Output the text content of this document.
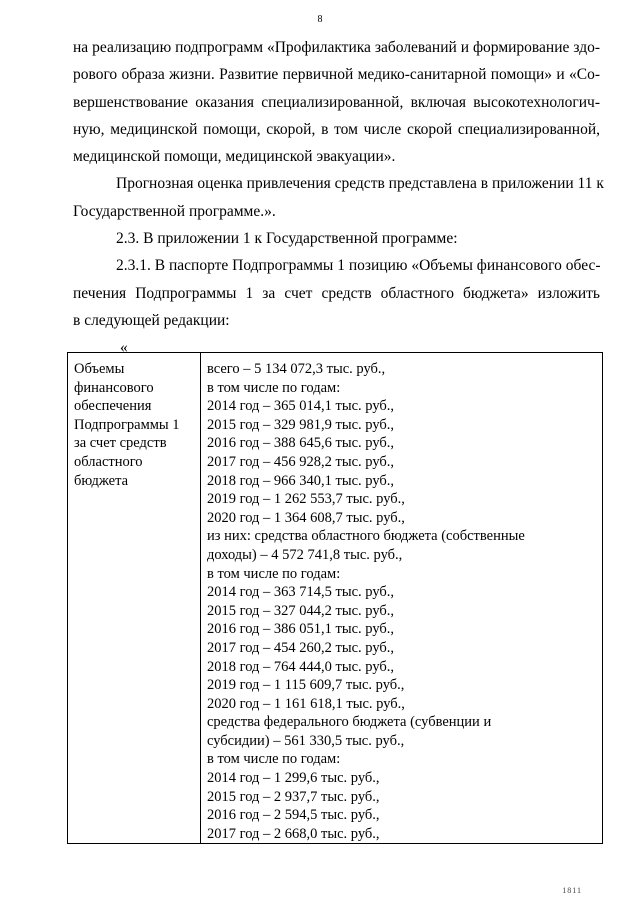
8

на реализацию подпрограмм «Профилактика заболеваний и формирование здо-
рового образа жизни. Развитие первичной медико-санитарной помощи» и «Со-
вершенствование оказания специализированной, включая высокотехнологич-
ную, медицинской помощи, скорой, в том числе скорой специализированной,
медицинской помощи, медицинской эвакуации».

Прогнозная оценка привлечения средств представлена в приложении 11 к
Государственной программе.».

2.3. В приложении 1 к Государственной программе:

2.3.1. В паспорте Подпрограммы 1 позицию «Объемы финансового обес-
печения Подпрограммы 1 за счет средств областного бюджета» изложить
в следующей редакции:

«

Объемы
финансового
обеспечения
Подпрограммы 1
за счет средств
областного
бюджета

всего – 5 134 072,3 тыс. руб.,
в том числе по годам:
2014 год – 365 014,1 тыс. руб.,
2015 год – 329 981,9 тыс. руб.,
2016 год – 388 645,6 тыс. руб.,
2017 год – 456 928,2 тыс. руб.,
2018 год – 966 340,1 тыс. руб.,
2019 год – 1 262 553,7 тыс. руб.,
2020 год – 1 364 608,7 тыс. руб.,
из них: средства областного бюджета (собственные
доходы) – 4 572 741,8 тыс. руб.,
в том числе по годам:
2014 год – 363 714,5 тыс. руб.,
2015 год – 327 044,2 тыс. руб.,
2016 год – 386 051,1 тыс. руб.,
2017 год – 454 260,2 тыс. руб.,
2018 год – 764 444,0 тыс. руб.,
2019 год – 1 115 609,7 тыс. руб.,
2020 год – 1 161 618,1 тыс. руб.,
средства федерального бюджета (субвенции и
субсидии) – 561 330,5 тыс. руб.,
в том числе по годам:
2014 год – 1 299,6 тыс. руб.,
2015 год – 2 937,7 тыс. руб.,
2016 год – 2 594,5 тыс. руб.,
2017 год – 2 668,0 тыс. руб.,
1811
